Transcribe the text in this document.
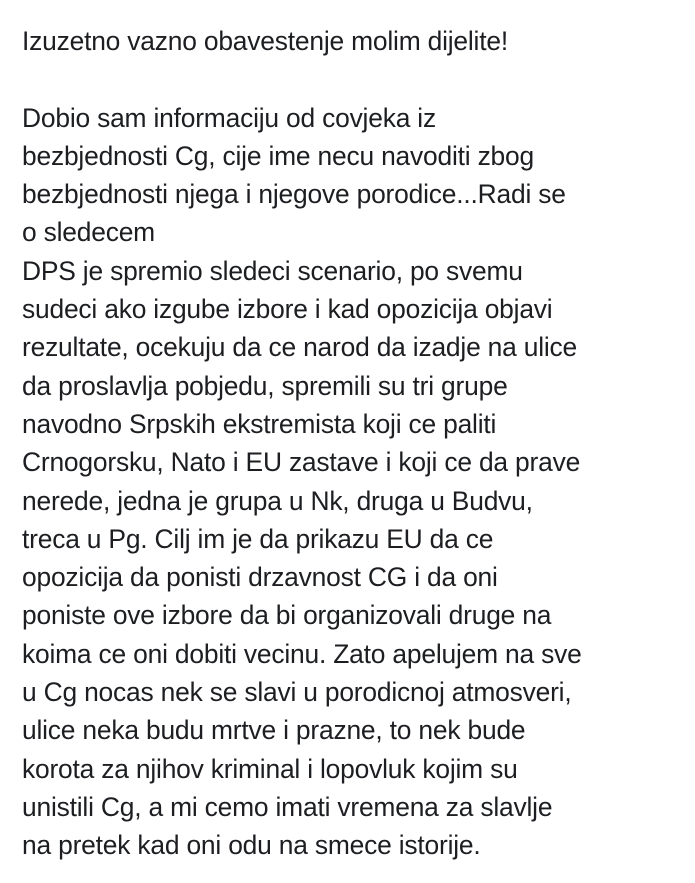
Izuzetno vazno obavestenje molim dijelite!
Dobio sam informaciju od covjeka iz
bezbjednosti Cg, cije ime necu navoditi zbog
bezbjednosti njega i njegove porodice...Radi se
o sledecem
DPS je spremio sledeci scenario, po svemu
sudeci ako izgube izbore i kad opozicija objavi
rezultate, ocekuju da ce narod da izadje na ulice
da proslavlja pobjedu, spremili su tri grupe
navodno Srpskih ekstremista koji ce paliti
Crnogorsku, Nato i EU zastave i koji ce da prave
nerede, jedna je grupa u Nk, druga u Budvu,
treca u Pg. Cilj im je da prikazu EU da ce
opozicija da ponisti drzavnost CG i da oni
poniste ove izbore da bi organizovali druge na
koima ce oni dobiti vecinu. Zato apelujem na sve
u Cg nocas nek se slavi u porodicnoj atmosveri,
ulice neka budu mrtve i prazne, to nek bude
korota za njihov kriminal i lopovluk kojim su
unistili Cg, a mi cemo imati vremena za slavlje
na pretek kad oni odu na smece istorije.
